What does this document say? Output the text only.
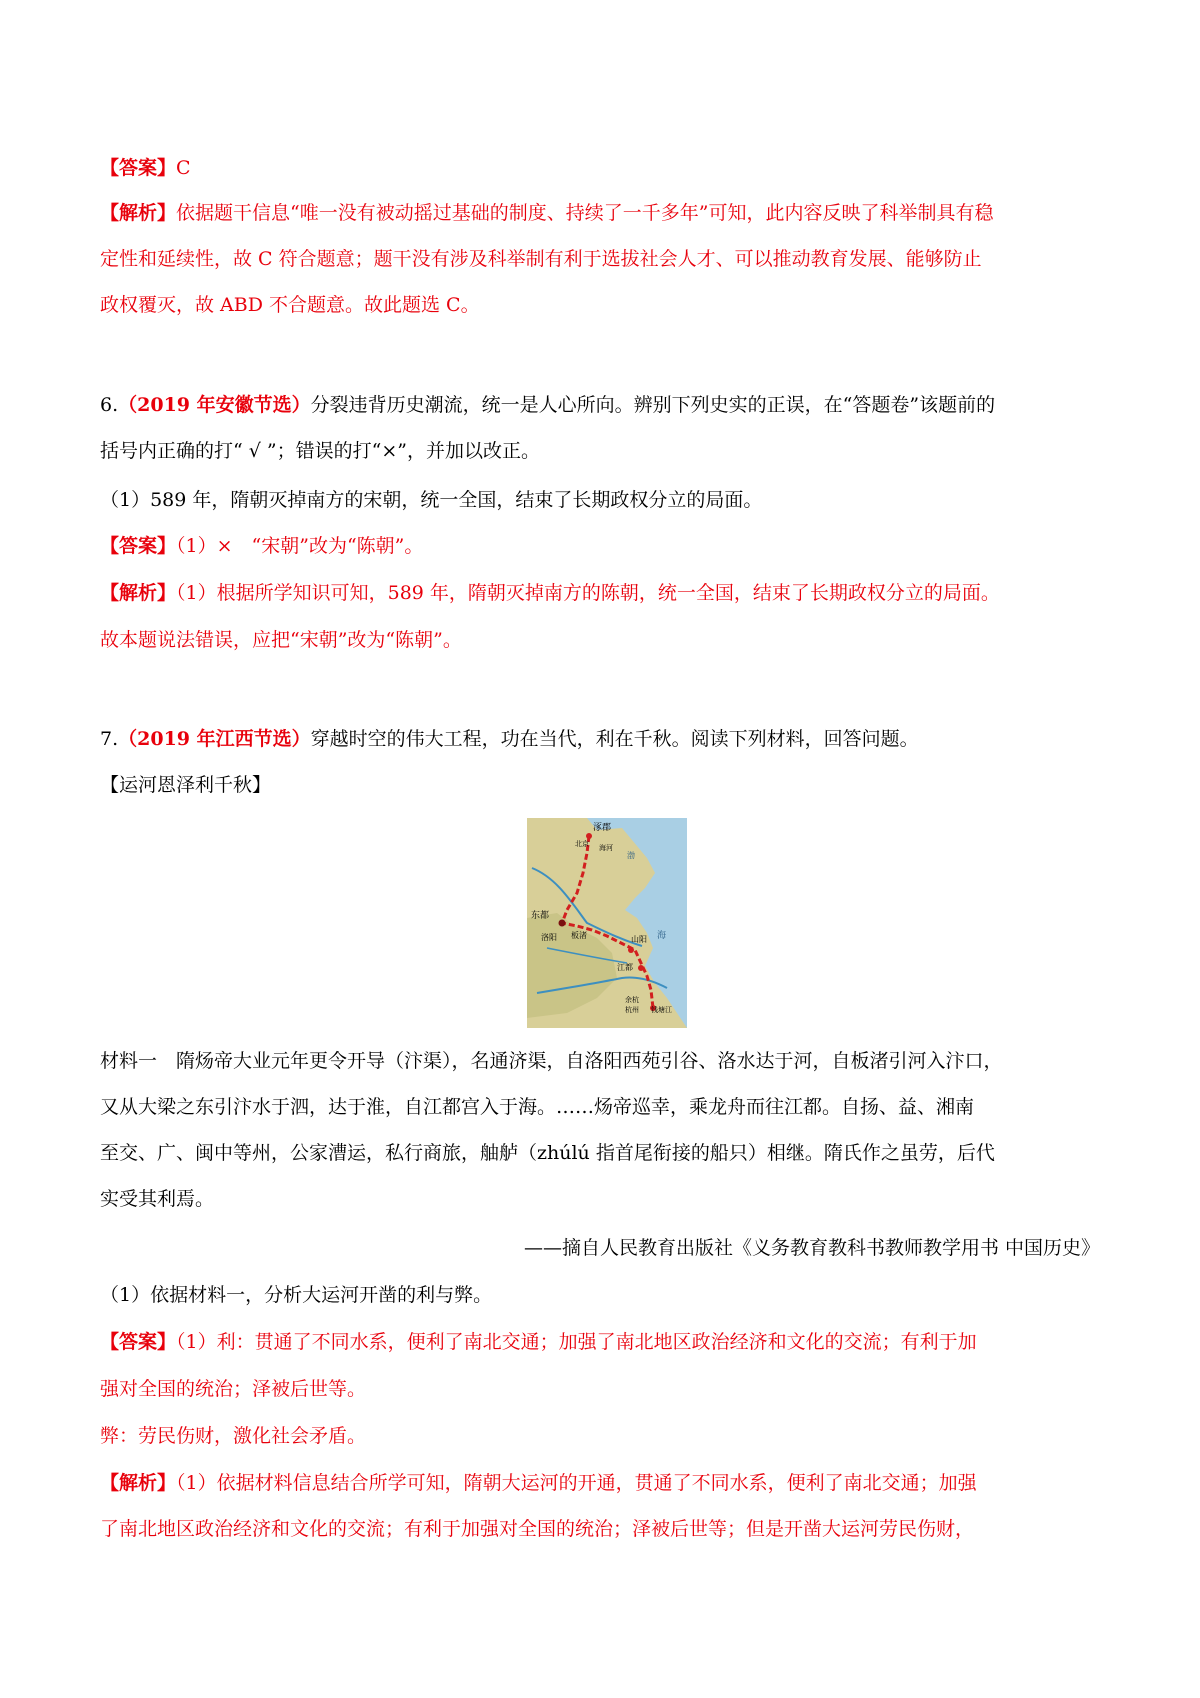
【答案】C
【解析】依据题干信息“唯一没有被动摇过基础的制度、持续了一千多年”可知，此内容反映了科举制具有稳
定性和延续性，故 C 符合题意；题干没有涉及科举制有利于选拔社会人才、可以推动教育发展、能够防止
政权覆灭，故 ABD 不合题意。故此题选 C。
6.（2019 年安徽节选）分裂违背历史潮流，统一是人心所向。辨别下列史实的正误，在“答题卷”该题前的
括号内正确的打“ √ ”；错误的打“×”，并加以改正。
（1）589 年，隋朝灭掉南方的宋朝，统一全国，结束了长期政权分立的局面。
【答案】（1）×　“宋朝”改为“陈朝”。
【解析】（1）根据所学知识可知，589 年，隋朝灭掉南方的陈朝，统一全国，结束了长期政权分立的局面。
故本题说法错误，应把“宋朝”改为“陈朝”。
7.（2019 年江西节选）穿越时空的伟大工程，功在当代，利在千秋。阅读下列材料，回答问题。
【运河恩泽利千秋】
涿郡
北京 海河
渤
海
东都
洛阳 板渚	山阳
江都
余杭
杭州 钱塘江
材料一　隋炀帝大业元年更令开导（汴渠），名通济渠，自洛阳西苑引谷、洛水达于河，自板渚引河入汴口，
又从大梁之东引汴水于泗，达于淮，自江都宫入于海。……炀帝巡幸，乘龙舟而往江都。自扬、益、湘南
至交、广、闽中等州，公家漕运，私行商旅，舳舻（zhúlú 指首尾衔接的船只）相继。隋氏作之虽劳，后代
实受其利焉。
——摘自人民教育出版社《义务教育教科书教师教学用书 中国历史》
（1）依据材料一，分析大运河开凿的利与弊。
【答案】（1）利：贯通了不同水系，便利了南北交通；加强了南北地区政治经济和文化的交流；有利于加
强对全国的统治；泽被后世等。
弊：劳民伤财，激化社会矛盾。
【解析】（1）依据材料信息结合所学可知，隋朝大运河的开通，贯通了不同水系，便利了南北交通；加强
了南北地区政治经济和文化的交流；有利于加强对全国的统治；泽被后世等；但是开凿大运河劳民伤财，
